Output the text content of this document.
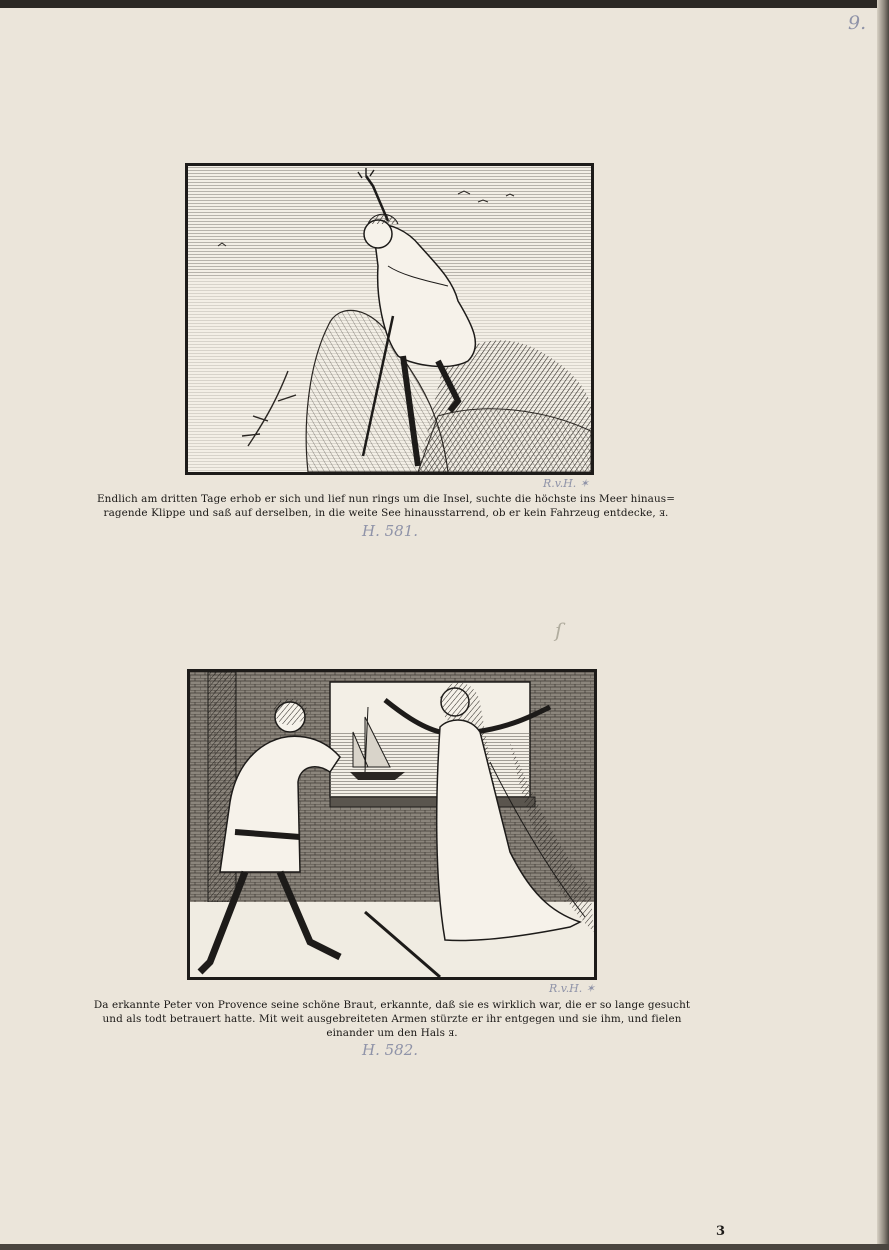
9.
ſ
R.v.H. ✶
Endlich am dritten Tage erhob er sich und lief nun rings um die Insel, suchte die höchste ins Meer hinaus=
ragende Klippe und saß auf derselben, in die weite See hinausstarrend, ob er kein Fahrzeug entdecke, ⱻ.
H. 581.
R.v.H. ✶
Da erkannte Peter von Provence seine schöne Braut, erkannte, daß sie es wirklich war, die er so lange gesucht
und als todt betrauert hatte. Mit weit ausgebreiteten Armen stürzte er ihr entgegen und sie ihm, und fielen
einander um den Hals ⱻ.
H. 582.
3
